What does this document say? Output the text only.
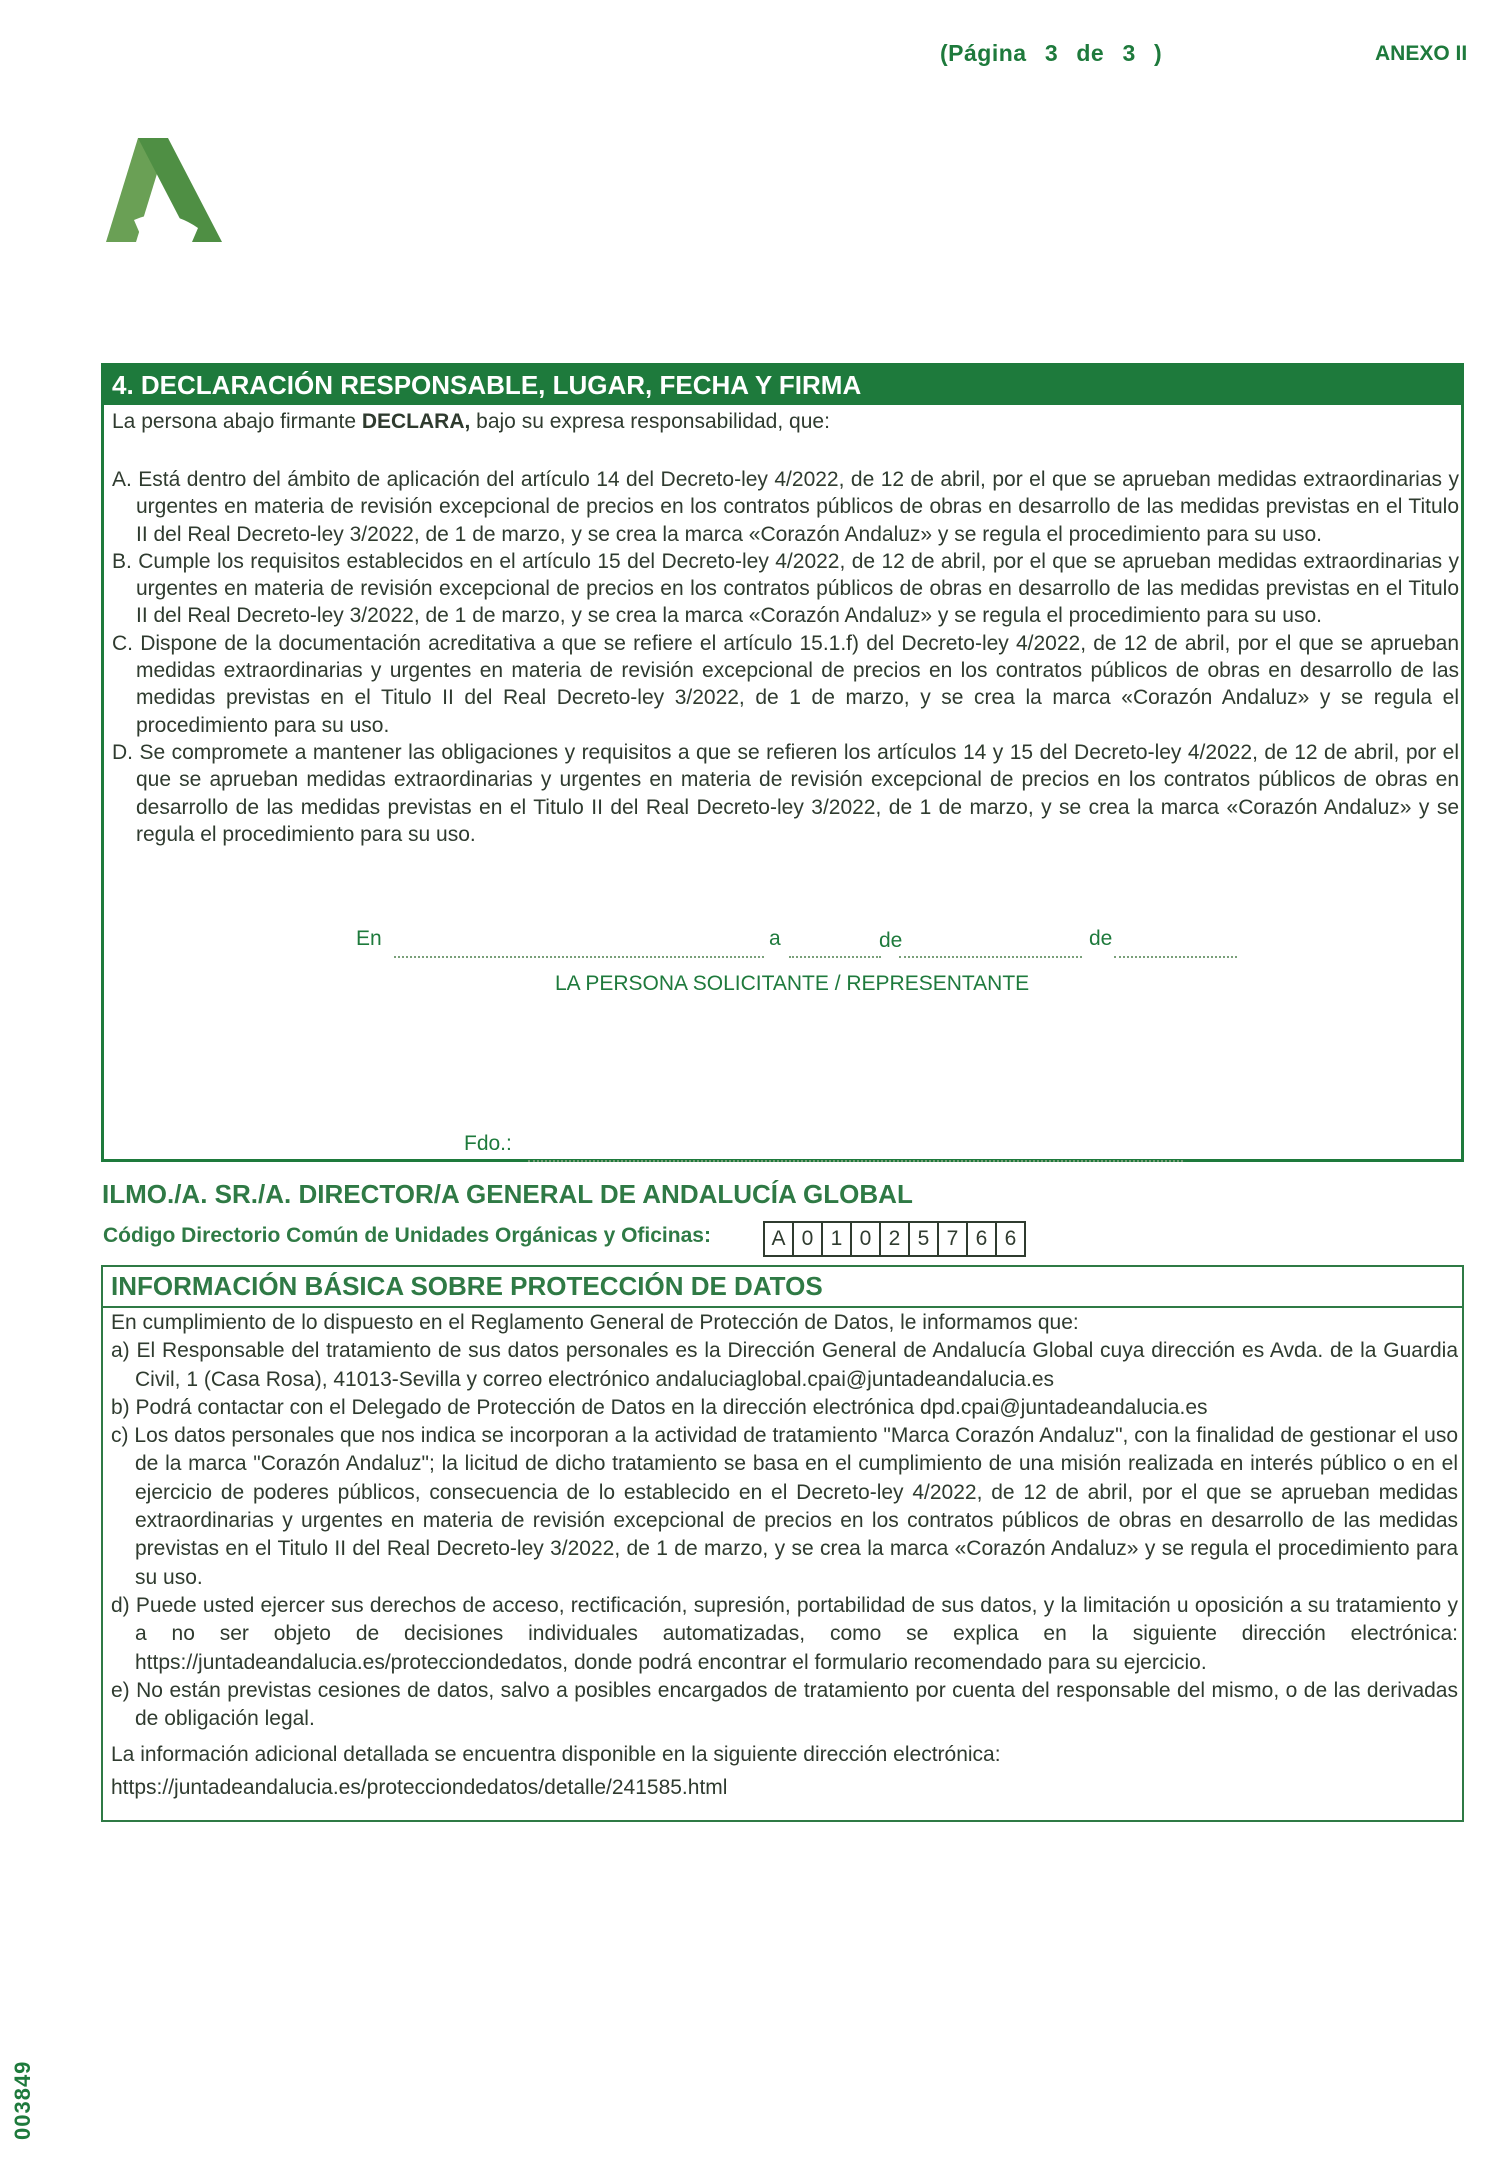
(Página 3 de 3 )	ANEXO II
4. DECLARACIÓN RESPONSABLE, LUGAR, FECHA Y FIRMA
La persona abajo firmante DECLARA, bajo su expresa responsabilidad, que:

A. Está dentro del ámbito de aplicación del artículo 14 del Decreto-ley 4/2022, de 12 de abril, por el que se aprueban medidas extraordinarias y urgentes en materia de revisión excepcional de precios en los contratos públicos de obras en desarrollo de las medidas previstas en el Titulo II del Real Decreto-ley 3/2022, de 1 de marzo, y se crea la marca «Corazón Andaluz» y se regula el procedimiento para su uso.

B. Cumple los requisitos establecidos en el artículo 15 del Decreto-ley 4/2022, de 12 de abril, por el que se aprueban medidas extraordinarias y urgentes en materia de revisión excepcional de precios en los contratos públicos de obras en desarrollo de las medidas previstas en el Titulo II del Real Decreto-ley 3/2022, de 1 de marzo, y se crea la marca «Corazón Andaluz» y se regula el procedimiento para su uso.

C. Dispone de la documentación acreditativa a que se refiere el artículo 15.1.f) del Decreto-ley 4/2022, de 12 de abril, por el que se aprueban medidas extraordinarias y urgentes en materia de revisión excepcional de precios en los contratos públicos de obras en desarrollo de las medidas previstas en el Titulo II del Real Decreto-ley 3/2022, de 1 de marzo, y se crea la marca «Corazón Andaluz» y se regula el procedimiento para su uso.

D. Se compromete a mantener las obligaciones y requisitos a que se refieren los artículos 14 y 15 del Decreto-ley 4/2022, de 12 de abril, por el que se aprueban medidas extraordinarias y urgentes en materia de revisión excepcional de precios en los contratos públicos de obras en desarrollo de las medidas previstas en el Titulo II del Real Decreto-ley 3/2022, de 1 de marzo, y se crea la marca «Corazón Andaluz» y se regula el procedimiento para su uso.

En	a	de	de
LA PERSONA SOLICITANTE / REPRESENTANTE
Fdo.:
ILMO./A. SR./A. DIRECTOR/A GENERAL DE ANDALUCÍA GLOBAL
Código Directorio Común de Unidades Orgánicas y Oficinas:	A 0 1 0 2 5 7 6 6
INFORMACIÓN BÁSICA SOBRE PROTECCIÓN DE DATOS

En cumplimiento de lo dispuesto en el Reglamento General de Protección de Datos, le informamos que:

a) El Responsable del tratamiento de sus datos personales es la Dirección General de Andalucía Global cuya dirección es Avda. de la Guardia Civil, 1 (Casa Rosa), 41013-Sevilla y correo electrónico andaluciaglobal.cpai@juntadeandalucia.es

b) Podrá contactar con el Delegado de Protección de Datos en la dirección electrónica dpd.cpai@juntadeandalucia.es

c) Los datos personales que nos indica se incorporan a la actividad de tratamiento "Marca Corazón Andaluz", con la finalidad de gestionar el uso de la marca "Corazón Andaluz"; la licitud de dicho tratamiento se basa en el cumplimiento de una misión realizada en interés público o en el ejercicio de poderes públicos, consecuencia de lo establecido en el Decreto-ley 4/2022, de 12 de abril, por el que se aprueban medidas extraordinarias y urgentes en materia de revisión excepcional de precios en los contratos públicos de obras en desarrollo de las medidas previstas en el Titulo II del Real Decreto-ley 3/2022, de 1 de marzo, y se crea la marca «Corazón Andaluz» y se regula el procedimiento para su uso.

d) Puede usted ejercer sus derechos de acceso, rectificación, supresión, portabilidad de sus datos, y la limitación u oposición a su tratamiento y a no ser objeto de decisiones individuales automatizadas, como se explica en la siguiente dirección electrónica: https://juntadeandalucia.es/protecciondedatos, donde podrá encontrar el formulario recomendado para su ejercicio.

e) No están previstas cesiones de datos, salvo a posibles encargados de tratamiento por cuenta del responsable del mismo, o de las derivadas de obligación legal.

La información adicional detallada se encuentra disponible en la siguiente dirección electrónica:

https://juntadeandalucia.es/protecciondedatos/detalle/241585.html

003849
